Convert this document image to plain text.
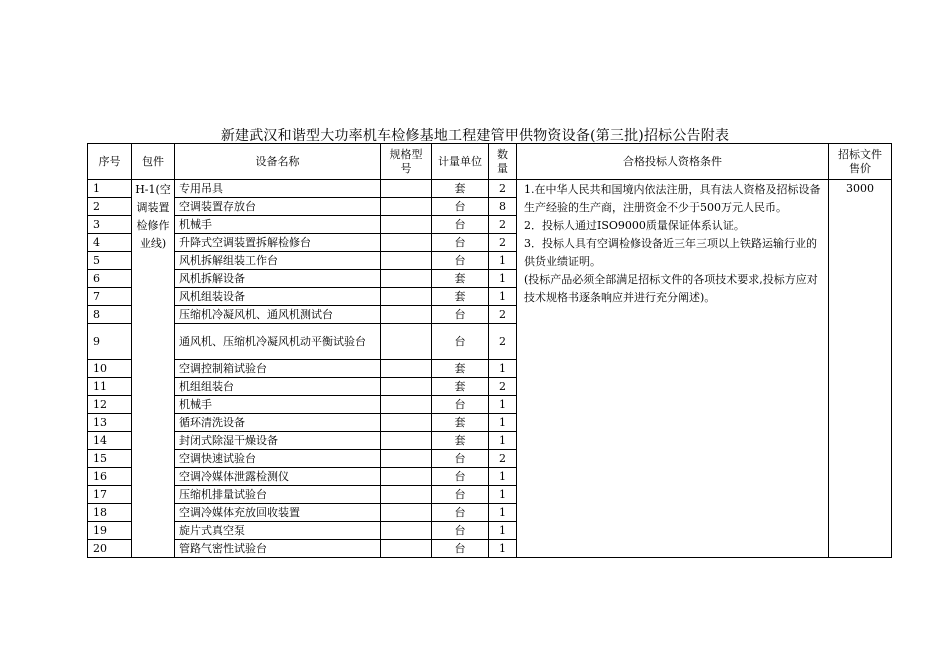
新建武汉和谐型大功率机车检修基地工程建管甲供物资设备(第三批)招标公告附表
序号	包件	设备名称	规格型号	计量单位	数量	合格投标人资格条件	招标文件售价
1	H-1(空调装置检修作业线)	专用吊具		套	2	1.在中华人民共和国境内依法注册，具有法人资格及招标设备生产经验的生产商，注册资金不少于500万元人民币。

2．投标人通过ISO9000质量保证体系认证。

3．投标人具有空调检修设备近三年三项以上铁路运输行业的供货业绩证明。

(投标产品必须全部满足招标文件的各项技术要求,投标方应对技术规格书逐条响应并进行充分阐述)。	3000
2		空调装置存放台		台	8		
3		机械手		台	2		
4		升降式空调装置拆解检修台		台	2		
5		风机拆解组装工作台		台	1		
6		风机拆解设备		套	1		
7		风机组装设备		套	1		
8		压缩机冷凝风机、通风机测试台		台	2		
9		通风机、压缩机冷凝风机动平衡试验台		台	2		
10		空调控制箱试验台		套	1		
11		机组组装台		套	2		
12		机械手		台	1		
13		循环清洗设备		套	1		
14		封闭式除湿干燥设备		套	1		
15		空调快速试验台		台	2		
16		空调冷媒体泄露检测仪		台	1		
17		压缩机排量试验台		台	1		
18		空调冷媒体充放回收装置		台	1		
19		旋片式真空泵		台	1		
20		管路气密性试验台		台	1		
